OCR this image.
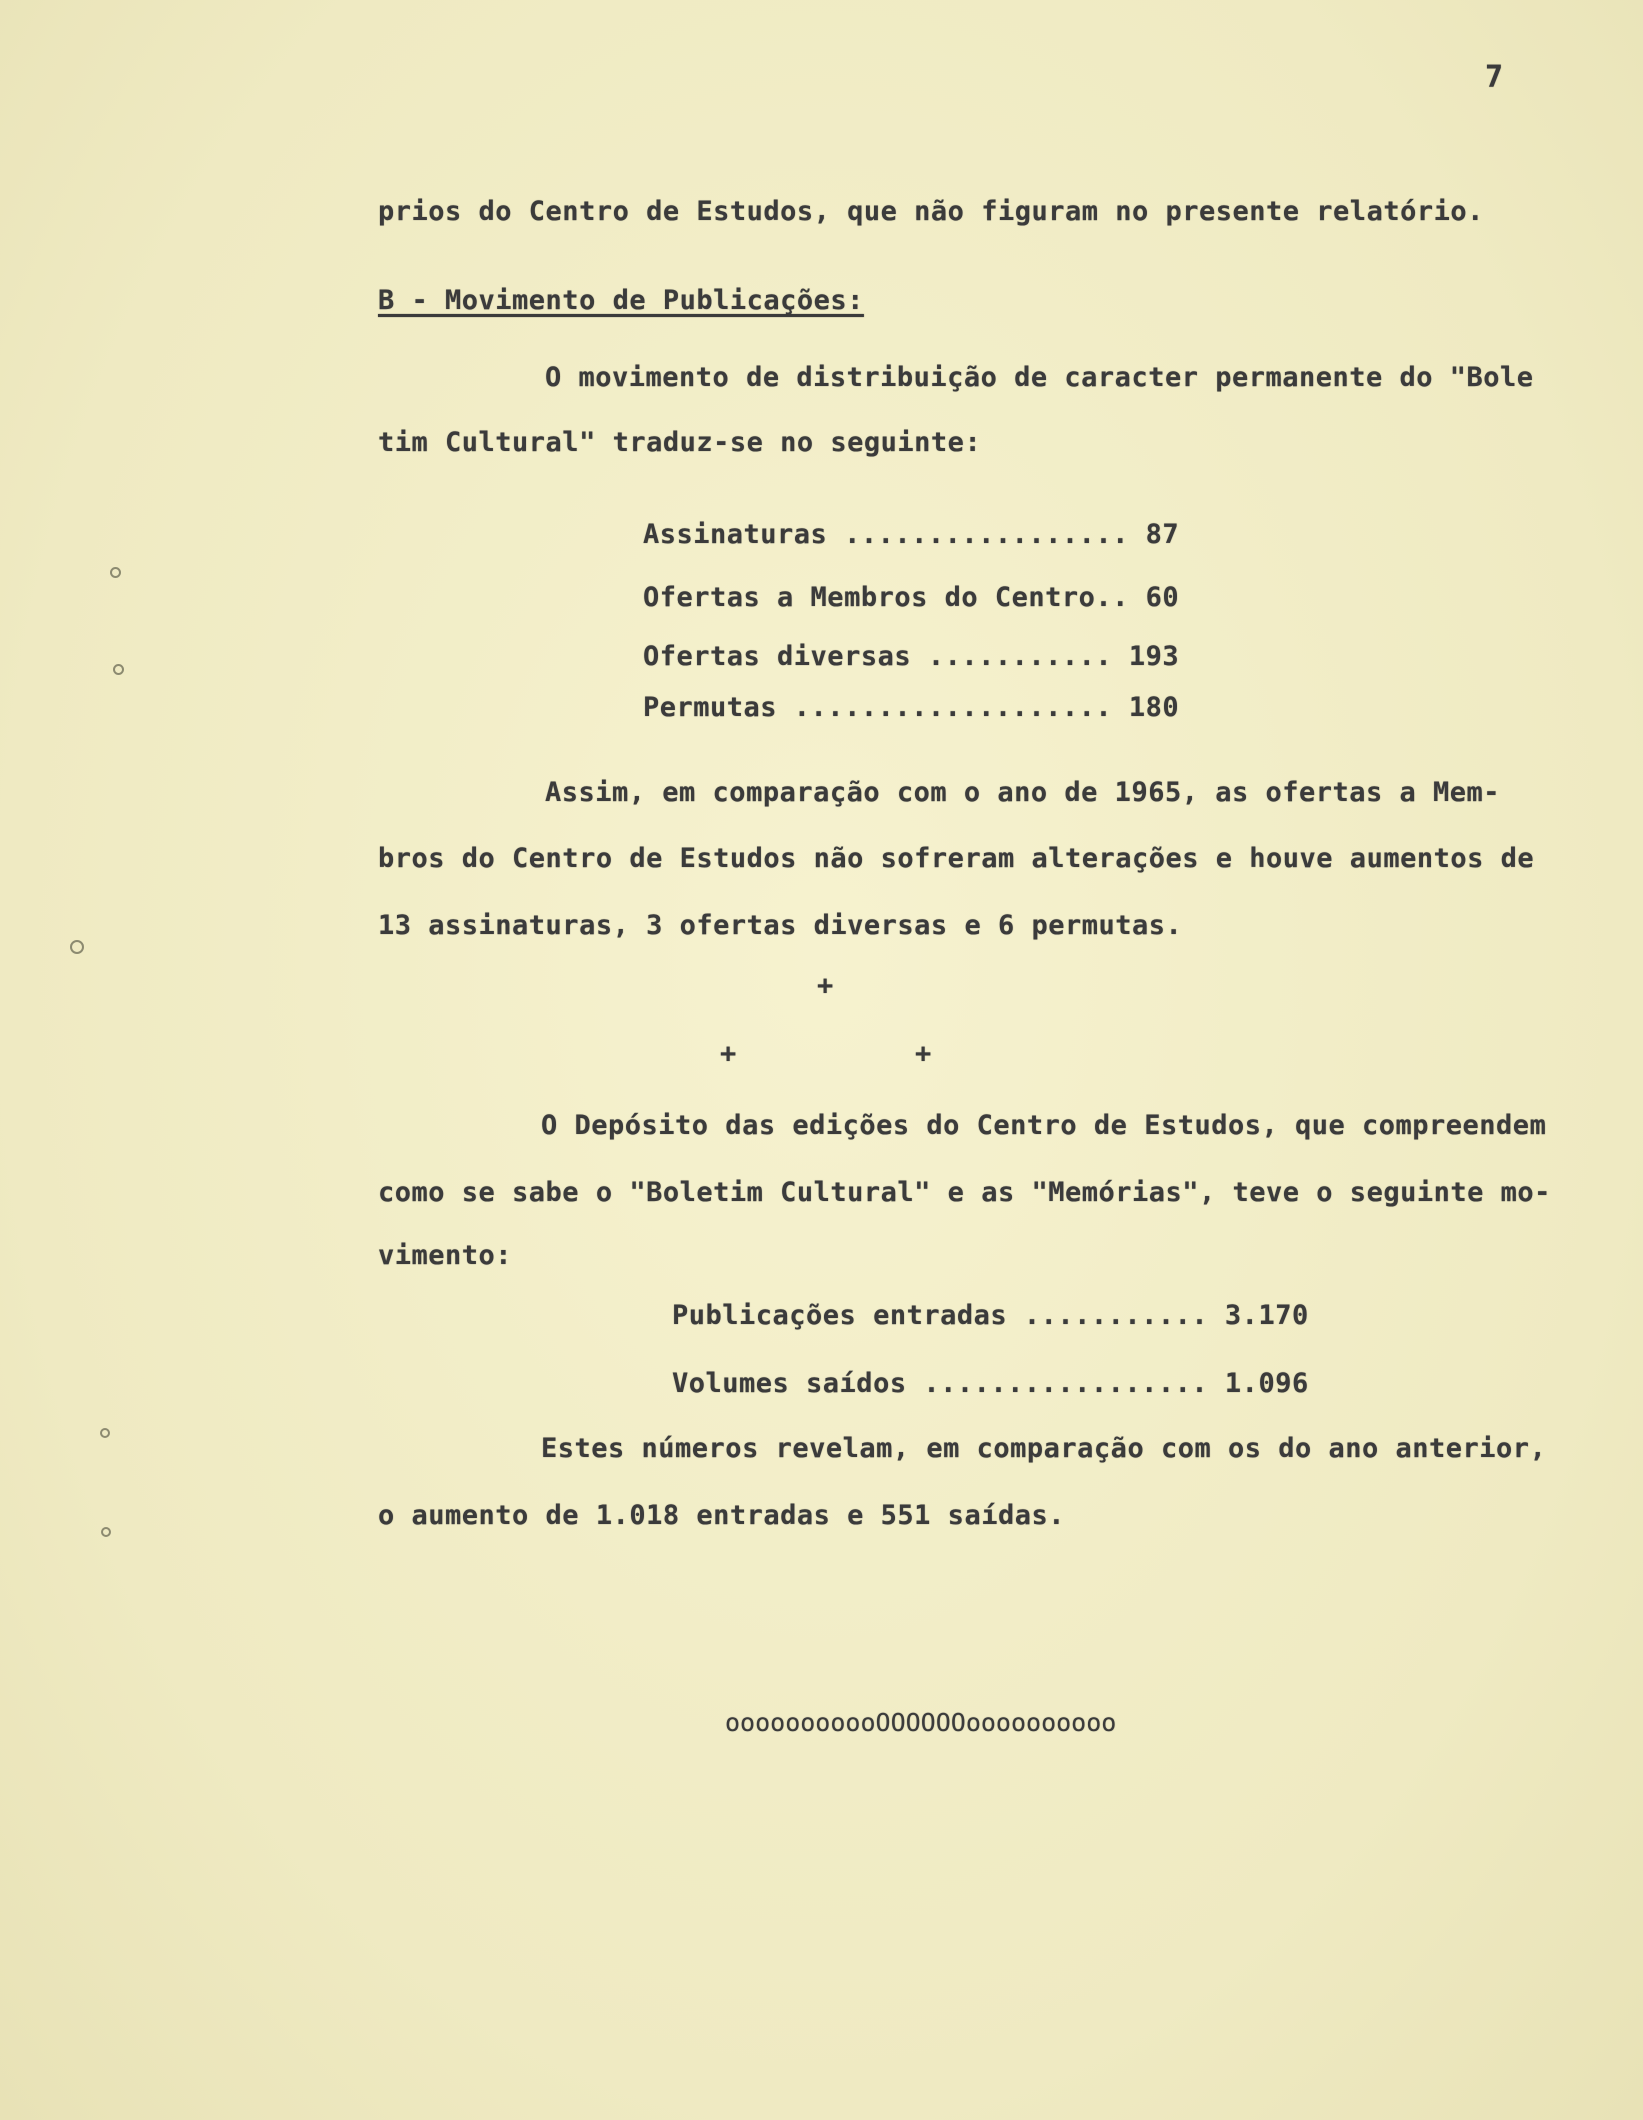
7
prios do Centro de Estudos, que não figuram no presente relatório.
B - Movimento de Publicações:
O movimento de distribuição de caracter permanente do "Bole
tim Cultural" traduz-se no seguinte:
Assinaturas ................. 87
Ofertas a Membros do Centro.. 60
Ofertas diversas ........... 193
Permutas ................... 180
Assim, em comparação com o ano de 1965, as ofertas a Mem-
bros do Centro de Estudos não sofreram alterações e houve aumentos de
13 assinaturas, 3 ofertas diversas e 6 permutas.
+
+	+
O Depósito das edições do Centro de Estudos, que compreendem
como se sabe o "Boletim Cultural" e as "Memórias", teve o seguinte mo-
vimento:
Publicações entradas ........... 3.170
Volumes saídos ................. 1.096
Estes números revelam, em comparação com os do ano anterior,
o aumento de 1.018 entradas e 551 saídas.
ooooooooooOOOOOOoooooooooo
